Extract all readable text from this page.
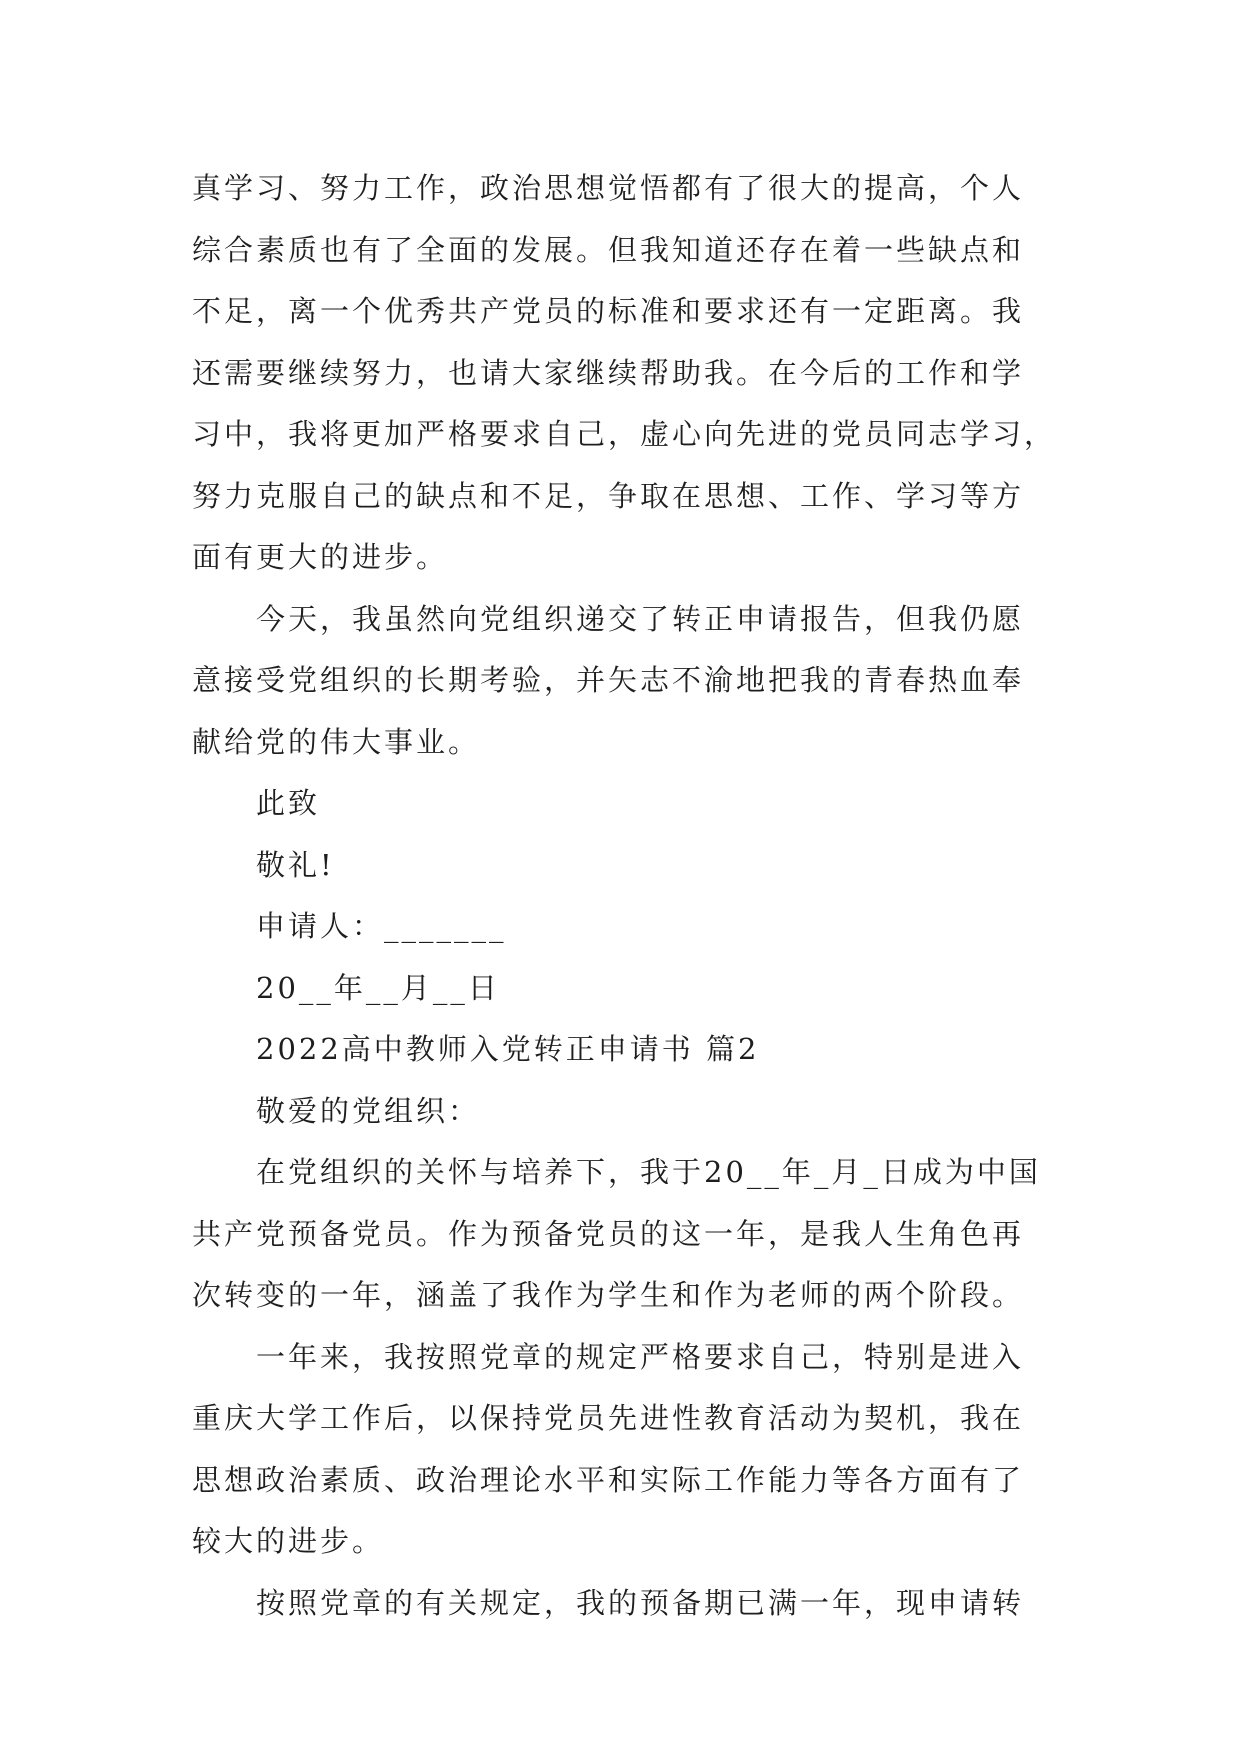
真学习、努力工作，政治思想觉悟都有了很大的提高，个人
综合素质也有了全面的发展。但我知道还存在着一些缺点和
不足，离一个优秀共产党员的标准和要求还有一定距离。我
还需要继续努力，也请大家继续帮助我。在今后的工作和学
习中，我将更加严格要求自己，虚心向先进的党员同志学习，
努力克服自己的缺点和不足，争取在思想、工作、学习等方
面有更大的进步。
今天，我虽然向党组织递交了转正申请报告，但我仍愿
意接受党组织的长期考验，并矢志不渝地把我的青春热血奉
献给党的伟大事业。
此致
敬礼!
申请人：_______
20__年__月__日
2022高中教师入党转正申请书 篇2
敬爱的党组织：
在党组织的关怀与培养下，我于20__年_月_日成为中国
共产党预备党员。作为预备党员的这一年，是我人生角色再
次转变的一年，涵盖了我作为学生和作为老师的两个阶段。
一年来，我按照党章的规定严格要求自己，特别是进入
重庆大学工作后，以保持党员先进性教育活动为契机，我在
思想政治素质、政治理论水平和实际工作能力等各方面有了
较大的进步。
按照党章的有关规定，我的预备期已满一年，现申请转
